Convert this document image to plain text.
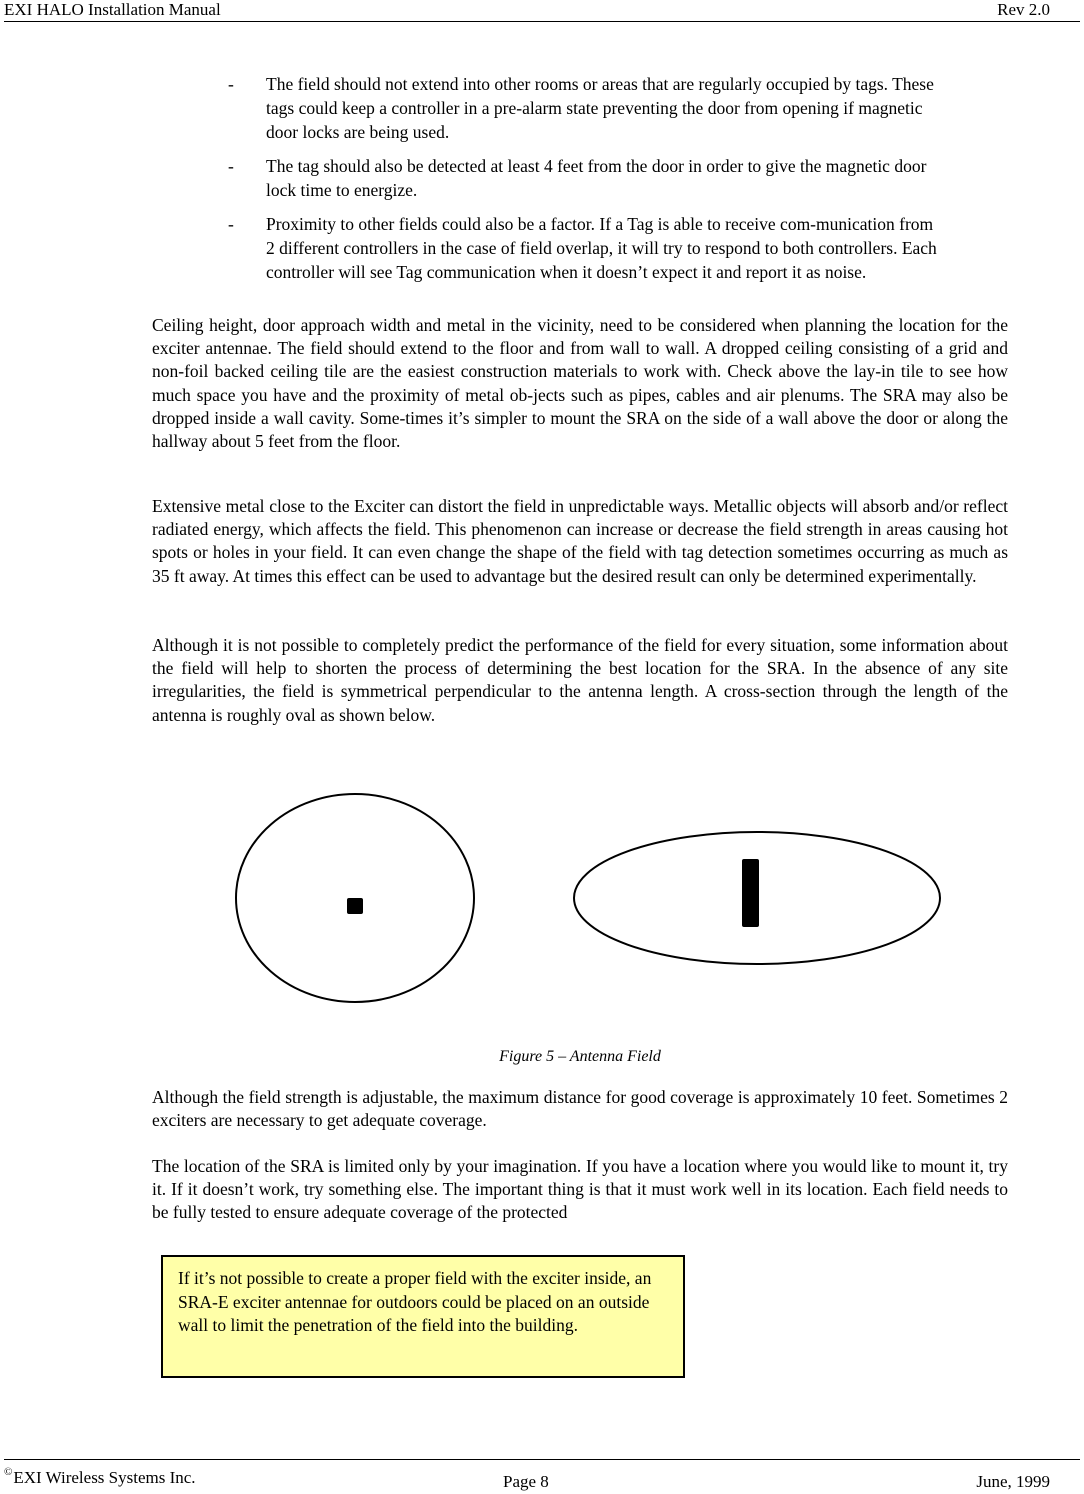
EXI HALO Installation Manual	Rev 2.0
- The field should not extend into other rooms or areas that are regularly occupied by tags. These tags could keep a controller in a pre-alarm state preventing the door from opening if magnetic door locks are being used.
- The tag should also be detected at least 4 feet from the door in order to give the magnetic door lock time to energize.
- Proximity to other fields could also be a factor. If a Tag is able to receive com-munication from 2 different controllers in the case of field overlap, it will try to respond to both controllers. Each controller will see Tag communication when it doesn’t expect it and report it as noise.

Ceiling height, door approach width and metal in the vicinity, need to be considered when planning the location for the exciter antennae. The field should extend to the floor and from wall to wall. A dropped ceiling consisting of a grid and non-foil backed ceiling tile are the easiest construction materials to work with. Check above the lay-in tile to see how much space you have and the proximity of metal ob-jects such as pipes, cables and air plenums. The SRA may also be dropped inside a wall cavity. Some-times it’s simpler to mount the SRA on the side of a wall above the door or along the hallway about 5 feet from the floor.

Extensive metal close to the Exciter can distort the field in unpredictable ways. Metallic objects will absorb and/or reflect radiated energy, which affects the field. This phenomenon can increase or decrease the field strength in areas causing hot spots or holes in your field. It can even change the shape of the field with tag detection sometimes occurring as much as 35 ft away. At times this effect can be used to advantage but the desired result can only be determined experimentally.

Although it is not possible to completely predict the performance of the field for every situation, some information about the field will help to shorten the process of determining the best location for the SRA. In the absence of any site irregularities, the field is symmetrical perpendicular to the antenna length. A cross-section through the length of the antenna is roughly oval as shown below.

Figure 5 – Antenna Field

Although the field strength is adjustable, the maximum distance for good coverage is approximately 10 feet. Sometimes 2 exciters are necessary to get adequate coverage.

The location of the SRA is limited only by your imagination. If you have a location where you would like to mount it, try it. If it doesn’t work, try something else. The important thing is that it must work well in its location. Each field needs to be fully tested to ensure adequate coverage of the protected

If it’s not possible to create a proper field with the exciter inside, an SRA-E exciter antennae for outdoors could be placed on an outside wall to limit the penetration of the field into the building.
©EXI Wireless Systems Inc.	Page 8	June, 1999
